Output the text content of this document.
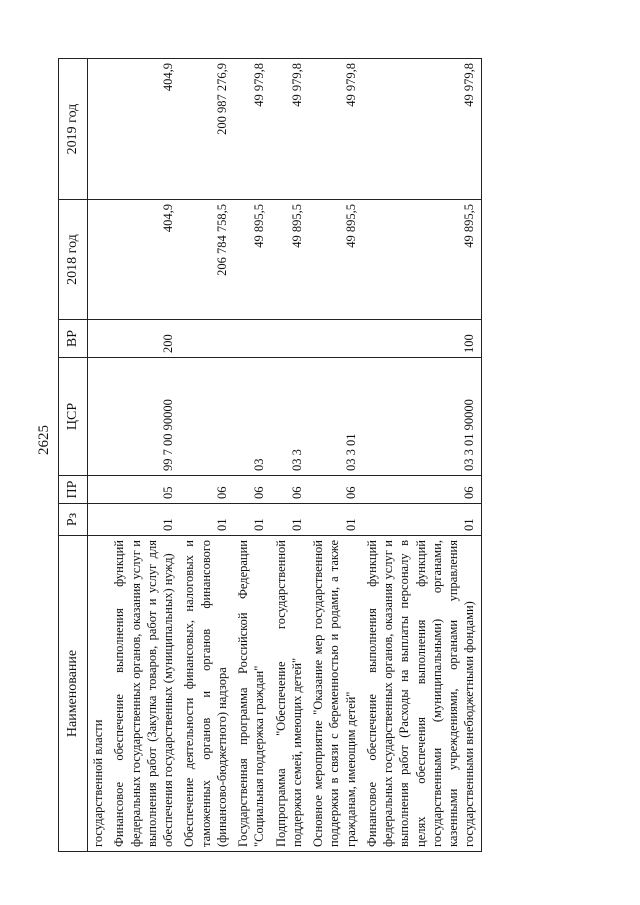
2625
Наименование	Рз	ПР	ЦСР	ВР	2018 год	2019 год
государственной власти						
Финансовое обеспечение выполнения функций федеральных государственных органов, оказания услуг и выполнения работ (Закупка товаров, работ и услуг для обеспечения государственных (муниципальных) нужд)	01	05	99 7 00 90000	200	404,9	404,9
Обеспечение деятельности финансовых, налоговых и таможенных органов и органов финансового (финансово-бюджетного) надзора	01	06			206 784 758,5	200 987 276,9
Государственная программа Российской Федерации "Социальная поддержка граждан"	01	06	03		49 895,5	49 979,8
Подпрограмма "Обеспечение государственной поддержки семей, имеющих детей"	01	06	03 3		49 895,5	49 979,8
Основное мероприятие "Оказание мер государственной поддержки в связи с беременностью и родами, а также гражданам, имеющим детей"	01	06	03 3 01		49 895,5	49 979,8
Финансовое обеспечение выполнения функций федеральных государственных органов, оказания услуг и выполнения работ (Расходы на выплаты персоналу в целях обеспечения выполнения функций государственными (муниципальными) органами, казенными учреждениями, органами управления государственными внебюджетными фондами)	01	06	03 3 01 90000	100	49 895,5	49 979,8
